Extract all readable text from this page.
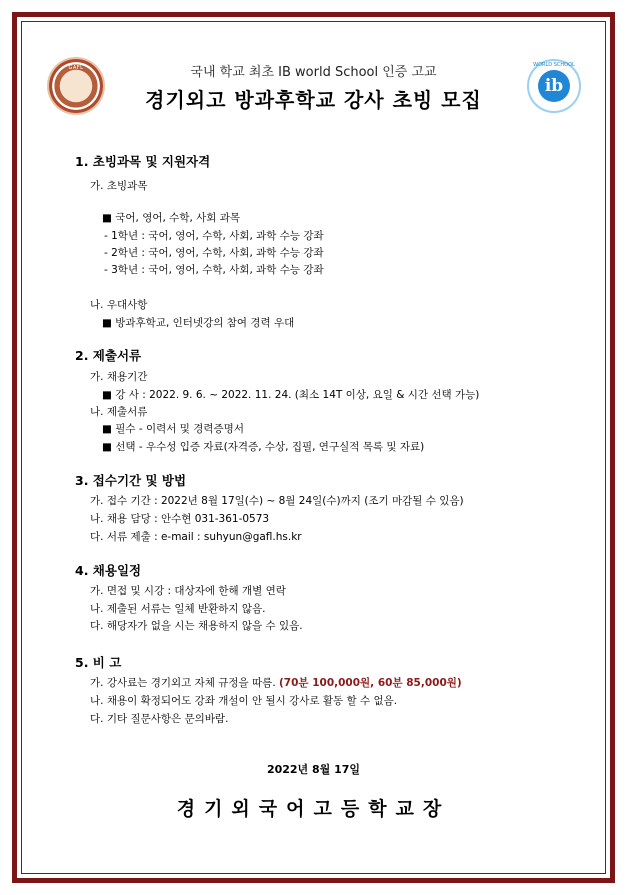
GAFL	WORLD SCHOOL
ib
국내 학교 최초 IB world School 인증 고교
경기외고 방과후학교 강사 초빙 모집
1. 초빙과목 및 지원자격
가. 초빙과목
■ 국어, 영어, 수학, 사회 과목
- 1학년 : 국어, 영어, 수학, 사회, 과학 수능 강좌
- 2학년 : 국어, 영어, 수학, 사회, 과학 수능 강좌
- 3학년 : 국어, 영어, 수학, 사회, 과학 수능 강좌
나. 우대사항
■ 방과후학교, 인터넷강의 참여 경력 우대
2. 제출서류
가. 채용기간
■ 강 사 : 2022. 9. 6. ~ 2022. 11. 24. (최소 14T 이상, 요일 & 시간 선택 가능)
나. 제출서류
■ 필수 - 이력서 및 경력증명서
■ 선택 - 우수성 입증 자료(자격증, 수상, 집필, 연구실적 목록 및 자료)
3. 접수기간 및 방법
가. 접수 기간 : 2022년 8월 17일(수) ~ 8월 24일(수)까지 (조기 마감될 수 있음)
나. 채용 담당 : 안수현 031-361-0573
다. 서류 제출 : e-mail : suhyun@gafl.hs.kr
4. 채용일정
가. 면접 및 시강 : 대상자에 한해 개별 연락
나. 제출된 서류는 일체 반환하지 않음.
다. 해당자가 없을 시는 채용하지 않을 수 있음.
5. 비 고
가. 강사료는 경기외고 자체 규정을 따름. (70분 100,000원, 60분 85,000원)
나. 채용이 확정되어도 강좌 개설이 안 될시 강사로 활동 할 수 없음.
다. 기타 질문사항은 문의바람.
2022년 8월 17일
경기외국어고등학교장
